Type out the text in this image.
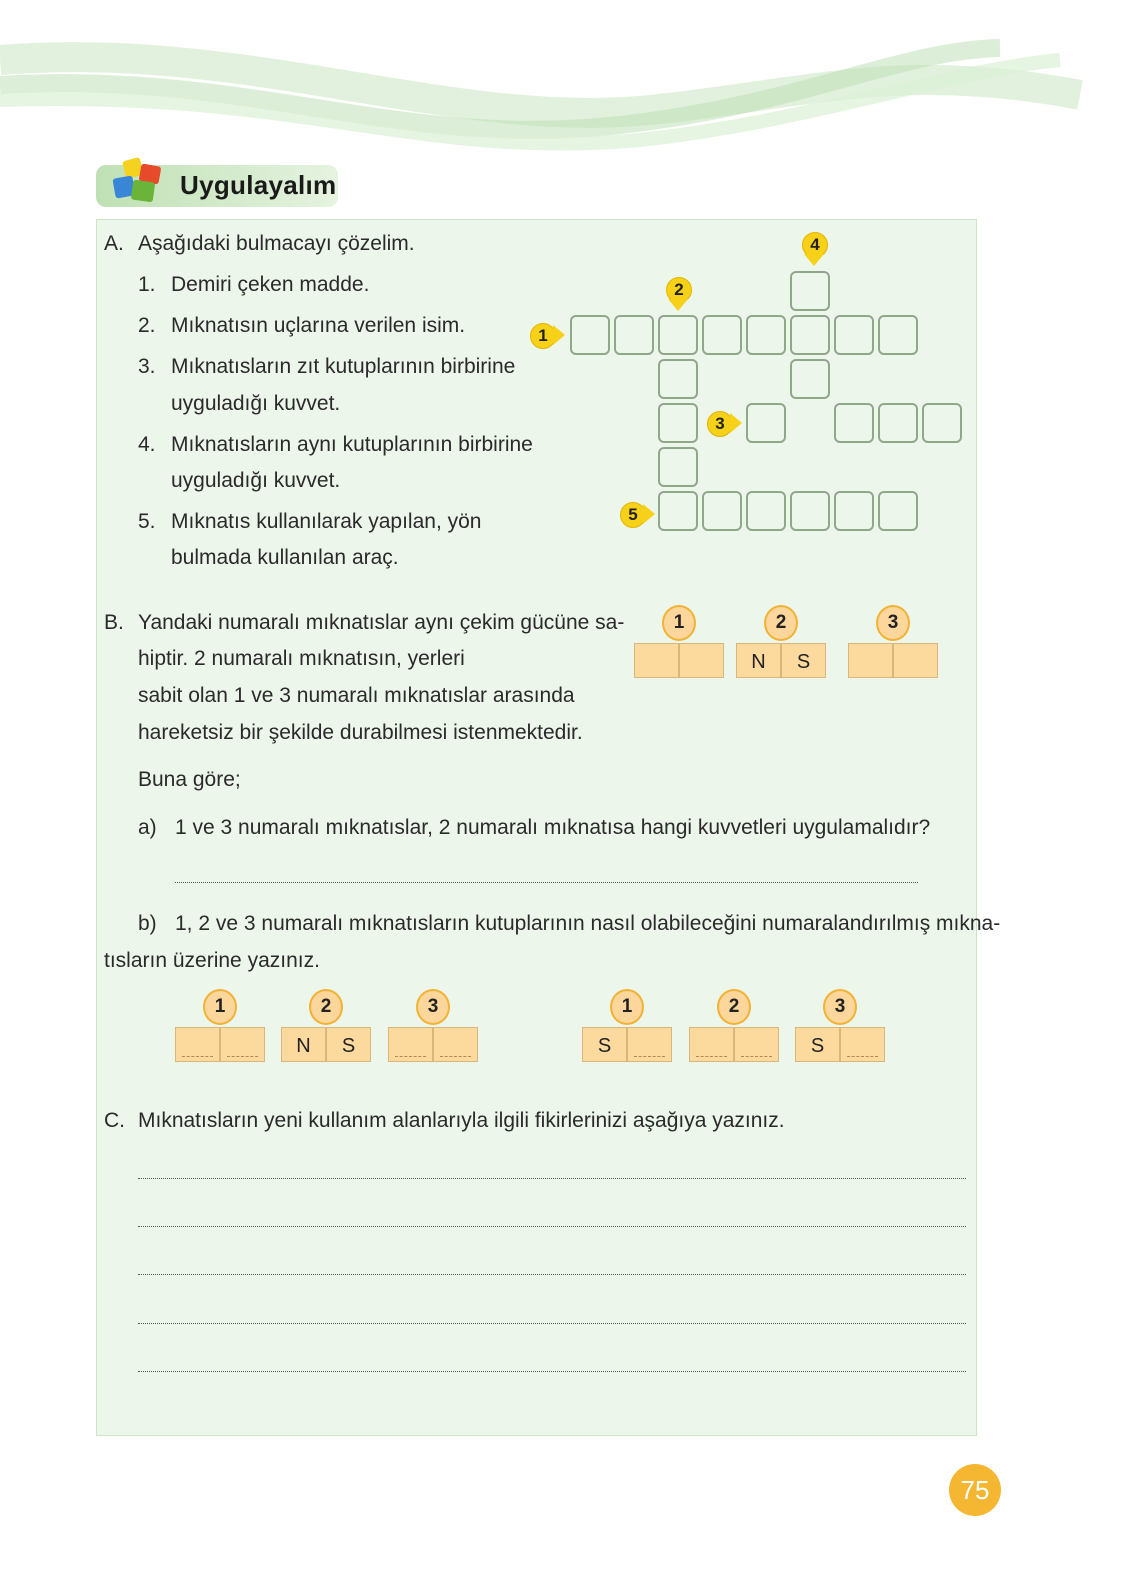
Uygulayalım
A. Aşağıdaki bulmacayı çözelim.
1. Demiri çeken madde.
2. Mıknatısın uçlarına verilen isim.
3. Mıknatısların zıt kutuplarının birbirine
uyguladığı kuvvet.
4. Mıknatısların aynı kutuplarının birbirine
uyguladığı kuvvet.
5. Mıknatıs kullanılarak yapılan, yön
bulmada kullanılan araç.
1
2
3
4
5
B. Yandaki numaralı mıknatıslar aynı çekim gücüne sa-
hiptir. 2 numaralı mıknatısın, yerleri
sabit olan 1 ve 3 numaralı mıknatıslar arasında
hareketsiz bir şekilde durabilmesi istenmektedir.
Buna göre;
a) 1 ve 3 numaralı mıknatıslar, 2 numaralı mıknatısa hangi kuvvetleri uygulamalıdır?
b) 1, 2 ve 3 numaralı mıknatısların kutuplarının nasıl olabileceğini numaralandırılmış mıkna-
tısların üzerine yazınız.
C. Mıknatısların yeni kullanım alanlarıyla ilgili fikirlerinizi aşağıya yazınız.
75
1	2
N	S
3
1	2
N	S
3	1
S
2	3
S
